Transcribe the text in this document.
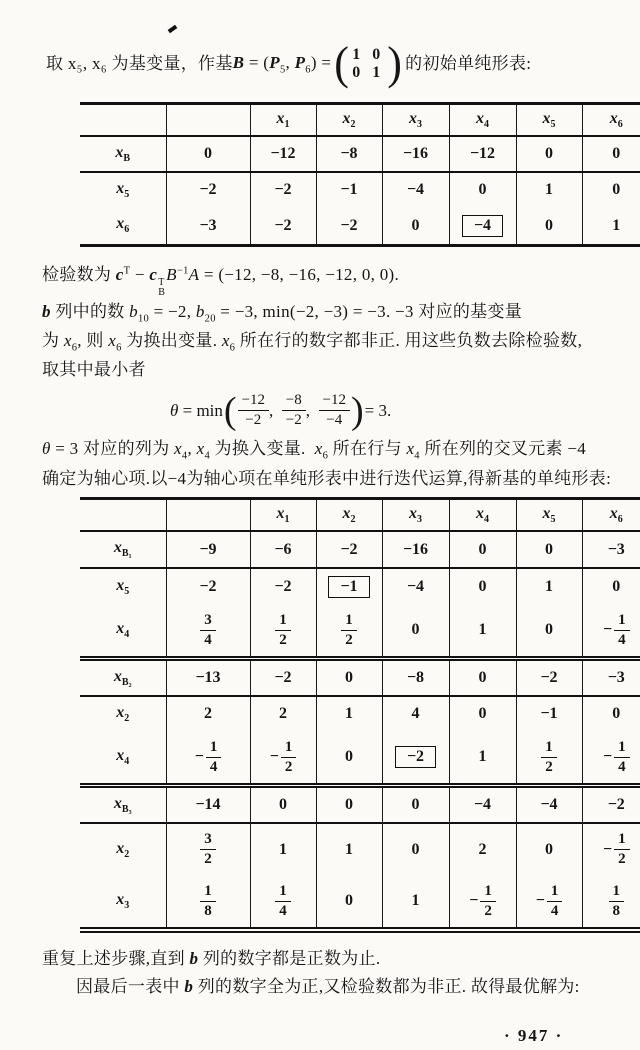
取 x₅, x₆ 为基变量，作基 $B = (P_5$, $P_6$) = ( 1 0
0 1 ) 的初始单纯形表:

		$x_1$	$x_2$	$x_3$	$x_4$	$x_5$	$x_6$
$x_B$	0	−12	−8	−16	−12	0	0
$x_5$	−2	−2	−1	−4	0	1	0
$x_6$	−3	−2	−2	0	−4	0	1

检验数为 $c^T - c$ T
B
$B^{-1}A = (-12$, −8, −16, −12, 0, 0).

b 列中的数 $b_{10} = -2$, $b_{20} = -3$, min(−2, −3) = −3. −3 对应的基变量

为 $x_6$, 则 $x_6$ 为换出变量. $x_6$ 所在行的数字都非正. 用这些负数去除检验数,

取其中最小者

θ = min ( $\frac{-12}{-2}$ , $\frac{-8}{-2}$ , $\frac{-12}{-4}$ ) = 3.

θ = 3 对应的列为 $x_4$, $x_4$ 为换入变量.  $x_6$ 所在行与 $x_4$ 所在列的交叉元素 −4

确定为轴心项.以−4为轴心项在单纯形表中进行迭代运算,得新基的单纯形表:

		$x_1$	$x_2$	$x_3$	$x_4$	$x_5$	$x_6$
$x_{B_1}$	−9	−6	−2	−16	0	0	−3
$x_5$	−2	−2	−1	−4	0	1	0
$x_4$	$\frac{3}{4}$	$\frac{1}{2}$	$\frac{1}{2}$	0	1	0	− $\frac{1}{4}$

$x_{B_2}$	−13	−2	0	−8	0	−2	−3
$x_2$	2	2	1	4	0	−1	0
$x_4$	− $\frac{1}{4}$	− $\frac{1}{2}$	0	−2	1	$\frac{1}{2}$	− $\frac{1}{4}$

$x_{B_3}$	−14	0	0	0	−4	−4	−2
$x_2$	$\frac{3}{2}$	1	1	0	2	0	− $\frac{1}{2}$

$x_3$	$\frac{1}{8}$	$\frac{1}{4}$	0	1	− $\frac{1}{2}$	− $\frac{1}{4}$	$\frac{1}{8}$

重复上述步骤,直到 b 列的数字都是正数为止.

因最后一表中 b 列的数字全为正,又检验数都为非正. 故得最优解为:

· 947 ·
